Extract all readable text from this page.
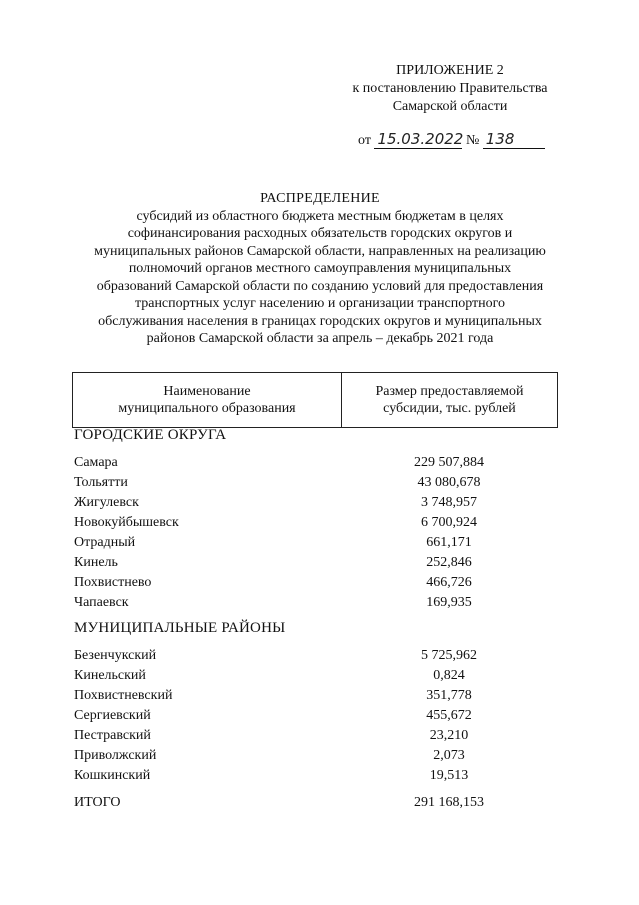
ПРИЛОЖЕНИЕ 2
к постановлению Правительства
Самарской области
от 15.03.2022 № 138
РАСПРЕДЕЛЕНИЕ
субсидий из областного бюджета местным бюджетам в целях
софинансирования расходных обязательств городских округов и
муниципальных районов Самарской области, направленных на реализацию
полномочий органов местного самоуправления муниципальных
образований Самарской области по созданию условий для предоставления
транспортных услуг населению и организации транспортного
обслуживания населения в границах городских округов и муниципальных
районов Самарской области за апрель – декабрь 2021 года
Наименование
муниципального образования
Размер предоставляемой
субсидии, тыс. рублей
ГОРОДСКИЕ ОКРУГА
Самара	229 507,884
Тольятти	43 080,678
Жигулевск	3 748,957
Новокуйбышевск	6 700,924
Отрадный	661,171
Кинель	252,846
Похвистнево	466,726
Чапаевск	169,935
МУНИЦИПАЛЬНЫЕ РАЙОНЫ
Безенчукский	5 725,962
Кинельский	0,824
Похвистневский	351,778
Сергиевский	455,672
Пестравский	23,210
Приволжский	2,073
Кошкинский	19,513
ИТОГО	291 168,153
